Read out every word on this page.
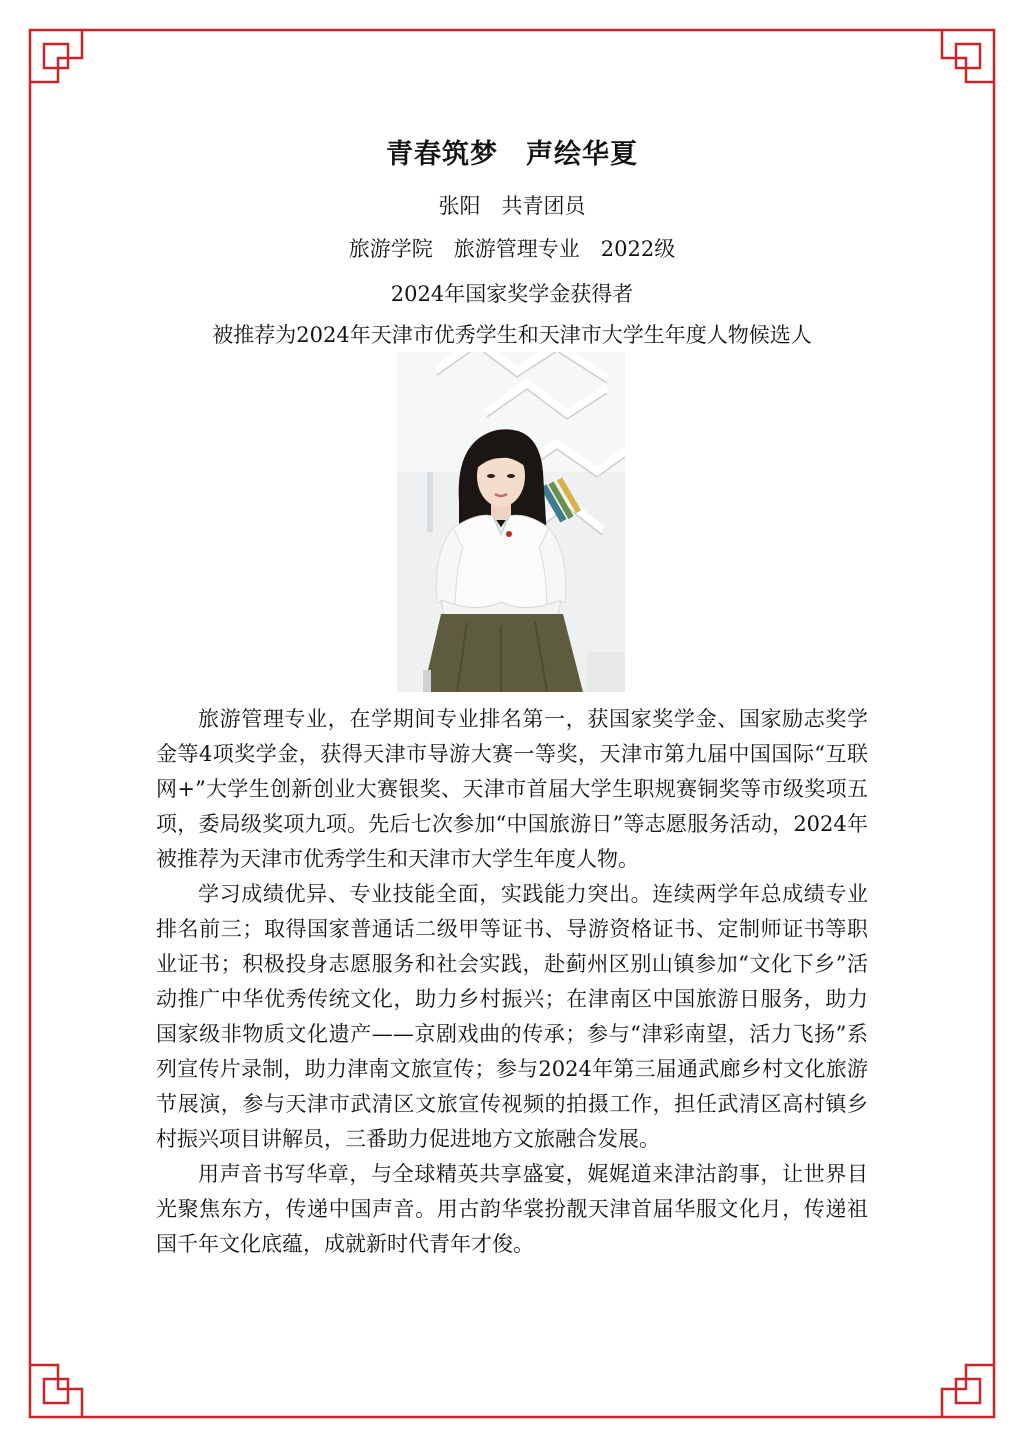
青春筑梦　声绘华夏
张阳　共青团员
旅游学院　旅游管理专业　2022级
2024年国家奖学金获得者
被推荐为2024年天津市优秀学生和天津市大学生年度人物候选人

旅游管理专业，在学期间专业排名第一，获国家奖学金、国家励志奖学金等4项奖学金，获得天津市导游大赛一等奖，天津市第九届中国国际“互联网+”大学生创新创业大赛银奖、天津市首届大学生职规赛铜奖等市级奖项五项，委局级奖项九项。先后七次参加“中国旅游日”等志愿服务活动，2024年被推荐为天津市优秀学生和天津市大学生年度人物。

学习成绩优异、专业技能全面，实践能力突出。连续两学年总成绩专业排名前三；取得国家普通话二级甲等证书、导游资格证书、定制师证书等职业证书；积极投身志愿服务和社会实践，赴蓟州区别山镇参加“文化下乡”活动推广中华优秀传统文化，助力乡村振兴；在津南区中国旅游日服务，助力国家级非物质文化遗产——京剧戏曲的传承；参与“津彩南望，活力飞扬”系列宣传片录制，助力津南文旅宣传；参与2024年第三届通武廊乡村文化旅游节展演，参与天津市武清区文旅宣传视频的拍摄工作，担任武清区高村镇乡村振兴项目讲解员，三番助力促进地方文旅融合发展。

用声音书写华章，与全球精英共享盛宴，娓娓道来津沽韵事，让世界目光聚焦东方，传递中国声音。用古韵华裳扮靓天津首届华服文化月，传递祖国千年文化底蕴，成就新时代青年才俊。
